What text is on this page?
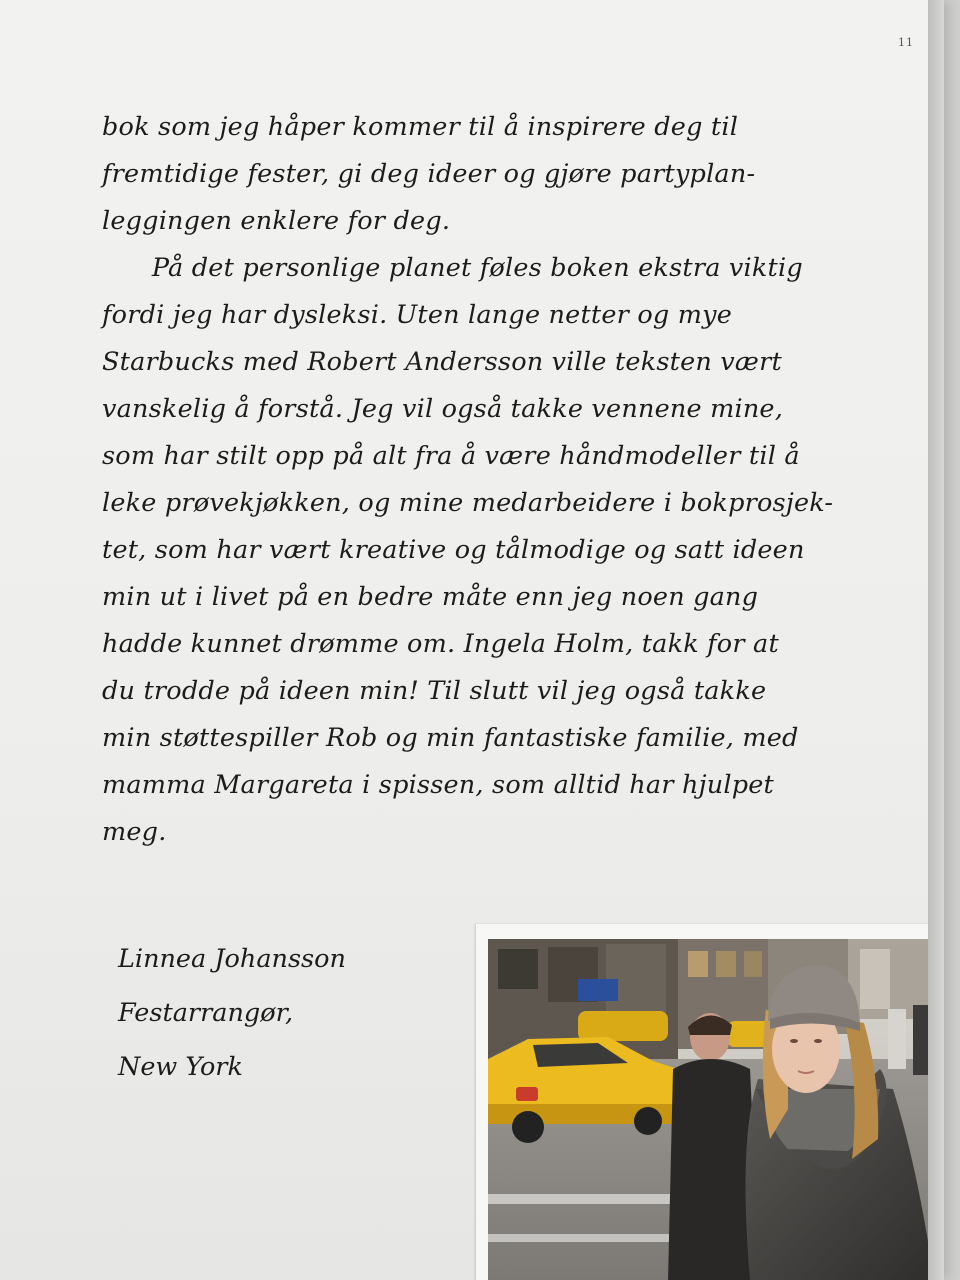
11
bok som jeg håper kommer til å inspirere deg til
fremtidige fester, gi deg ideer og gjøre partyplan-
leggingen enklere for deg.
På det personlige planet føles boken ekstra viktig
fordi jeg har dysleksi. Uten lange netter og mye
Starbucks med Robert Andersson ville teksten vært
vanskelig å forstå. Jeg vil også takke vennene mine,
som har stilt opp på alt fra å være håndmodeller til å
leke prøvekjøkken, og mine medarbeidere i bokprosjek-
tet, som har vært kreative og tålmodige og satt ideen
min ut i livet på en bedre måte enn jeg noen gang
hadde kunnet drømme om. Ingela Holm, takk for at
du trodde på ideen min! Til slutt vil jeg også takke
min støttespiller Rob og min fantastiske familie, med
mamma Margareta i spissen, som alltid har hjulpet
meg.
Linnea Johansson
Festarrangør,
New York
